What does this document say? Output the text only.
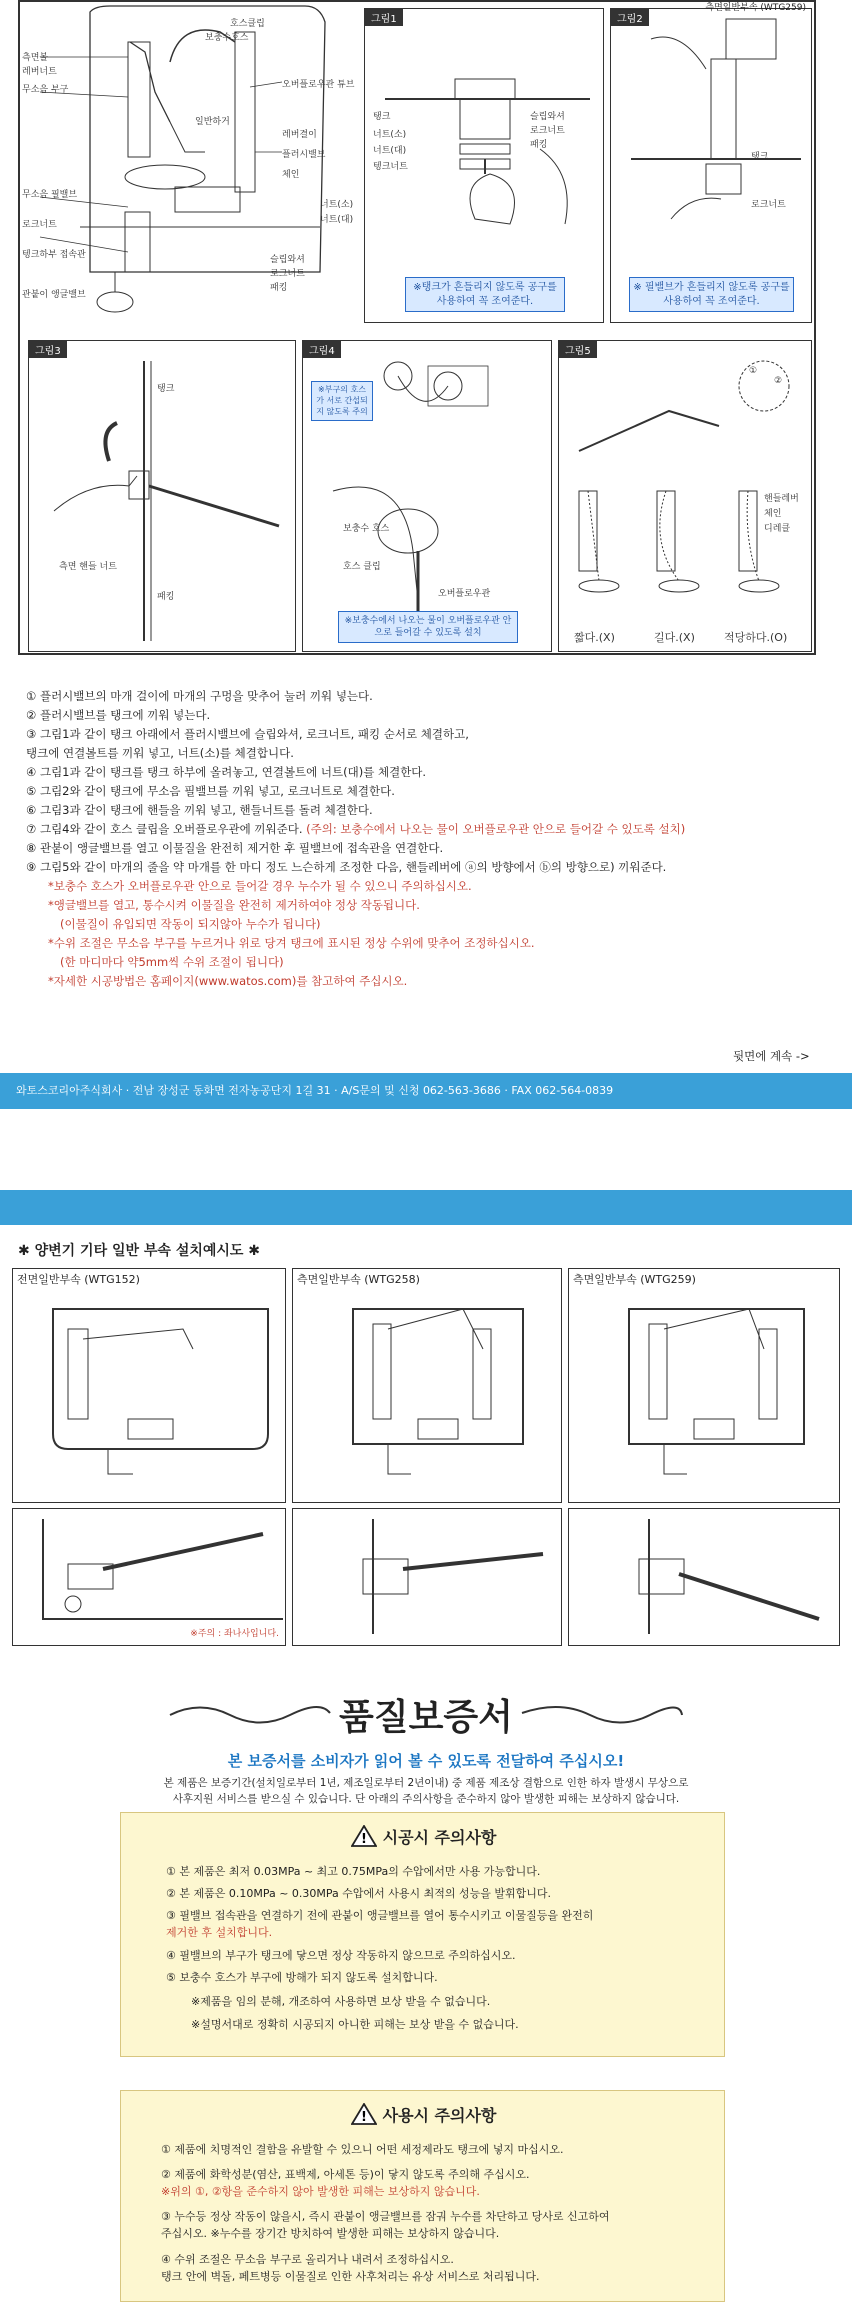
측면볼
레버너트
무소음 부구
무소음 필밸브
로크너트
텡크하부 접속관
관붙이 앵글밸브
호스클립
보충수호스
오버플로우관 튜브
일반하거
레버결이
플러시밸브
체인
너트(소)
너트(대)
슬립와셔
로크너트
패킹
그림1
탱크
너트(소)
너트(대)
텡크너트
슬립와셔
로크너트
패킹
※탱크가 흔들리지 않도록 공구를 사용하여 꼭 조여준다.
그림2
탱크
로크너트
※ 필밸브가 흔들리지 않도록 공구를 사용하여 꼭 조여준다.
그림3
탱크
측면 핸들 너트
패킹
그림4
※부구의 호스가 서로 간섭되지 않도록 주의
보충수 호스
호스 클립
오버플로우관
※보충수에서 나오는 물이 오버플로우관 안으로 들어갈 수 있도록 설치
그림5
①
②
핸들레버
체인
디레클
짧다.(X)	길다.(X)	적당하다.(O)
측면일반부속 (WTG259)
① 플러시밸브의 마개 걸이에 마개의 구멍을 맞추어 눌러 끼워 넣는다.
② 플러시밸브를 탱크에 끼워 넣는다.
③ 그림1과 같이 탱크 아래에서 플러시밸브에 슬립와셔, 로크너트, 패킹 순서로 체결하고,
탱크에 연결볼트를 끼워 넣고, 너트(소)를 체결합니다.
④ 그림1과 같이 탱크를 탱크 하부에 올려놓고, 연결볼트에 너트(대)를 체결한다.
⑤ 그림2와 같이 탱크에 무소음 필밸브를 끼워 넣고, 로크너트로 체결한다.
⑥ 그림3과 같이 탱크에 핸들을 끼워 넣고, 핸들너트를 돌려 체결한다.
⑦ 그림4와 같이 호스 클립을 오버플로우관에 끼워준다. (주의: 보충수에서 나오는 물이 오버플로우관 안으로 들어갈 수 있도록 설치)
⑧ 관붙이 앵글밸브를 열고 이물질을 완전히 제거한 후 필밸브에 접속관을 연결한다.
⑨ 그림5와 같이 마개의 줄을 약 마개를 한 마디 정도 느슨하게 조정한 다음, 핸들레버에 ⓐ의 방향에서 ⓑ의 방향으로) 끼워준다.
*보충수 호스가 오버플로우관 안으로 들어갈 경우 누수가 될 수 있으니 주의하십시오.
*앵글밸브를 열고, 통수시켜 이물질을 완전히 제거하여야 정상 작동됩니다.
(이물질이 유입되면 작동이 되지않아 누수가 됩니다)
*수위 조절은 무소음 부구를 누르거나 위로 당겨 탱크에 표시된 정상 수위에 맞추어 조정하십시오.
(한 마디마다 약5mm씩 수위 조절이 됩니다)
*자세한 시공방법은 홈페이지(www.watos.com)를 참고하여 주십시오.
뒷면에 계속 ->
와토스코리아주식회사 · 전남 장성군 동화면 전자농공단지 1길 31 · A/S문의 및 신청 062-563-3686 · FAX 062-564-0839
✱ 양변기 기타 일반 부속 설치예시도 ✱
전면일반부속 (WTG152)	측면일반부속 (WTG258)	측면일반부속 (WTG259)
※주의 : 좌나사입니다.
품질보증서
본 보증서를 소비자가 읽어 볼 수 있도록 전달하여 주십시오!
본 제품은 보증기간(설치일로부터 1년, 제조일로부터 2년이내) 중 제품 제조상 결함으로 인한 하자 발생시 무상으로
사후지원 서비스를 받으실 수 있습니다. 단 아래의 주의사항을 준수하지 않아 발생한 피해는 보상하지 않습니다.
! 시공시 주의사항
① 본 제품은 최저 0.03MPa ~ 최고 0.75MPa의 수압에서만 사용 가능합니다.
② 본 제품은 0.10MPa ~ 0.30MPa 수압에서 사용시 최적의 성능을 발휘합니다.
③ 필밸브 접속관을 연결하기 전에 관붙이 앵글밸브를 열어 통수시키고 이물질등을 완전히
제거한 후 설치합니다.
④ 필밸브의 부구가 탱크에 닿으면 정상 작동하지 않으므로 주의하십시오.
⑤ 보충수 호스가 부구에 방해가 되지 않도록 설치합니다.
※제품을 임의 분해, 개조하여 사용하면 보상 받을 수 없습니다.
※설명서대로 정확히 시공되지 아니한 피해는 보상 받을 수 없습니다.
! 사용시 주의사항
① 제품에 치명적인 결함을 유발할 수 있으니 어떤 세정제라도 탱크에 넣지 마십시오.
② 제품에 화학성분(염산, 표백제, 아세톤 등)이 닿지 않도록 주의해 주십시오.
※위의 ①, ②항을 준수하지 않아 발생한 피해는 보상하지 않습니다.
③ 누수등 정상 작동이 않을시, 즉시 관붙이 앵글밸브를 잠궈 누수를 차단하고 당사로 신고하여
주십시오. ※누수를 장기간 방치하여 발생한 피해는 보상하지 않습니다.
④ 수위 조절은 무소음 부구로 올리거나 내려서 조정하십시오.
탱크 안에 벽돌, 페트병등 이물질로 인한 사후처리는 유상 서비스로 처리됩니다.
